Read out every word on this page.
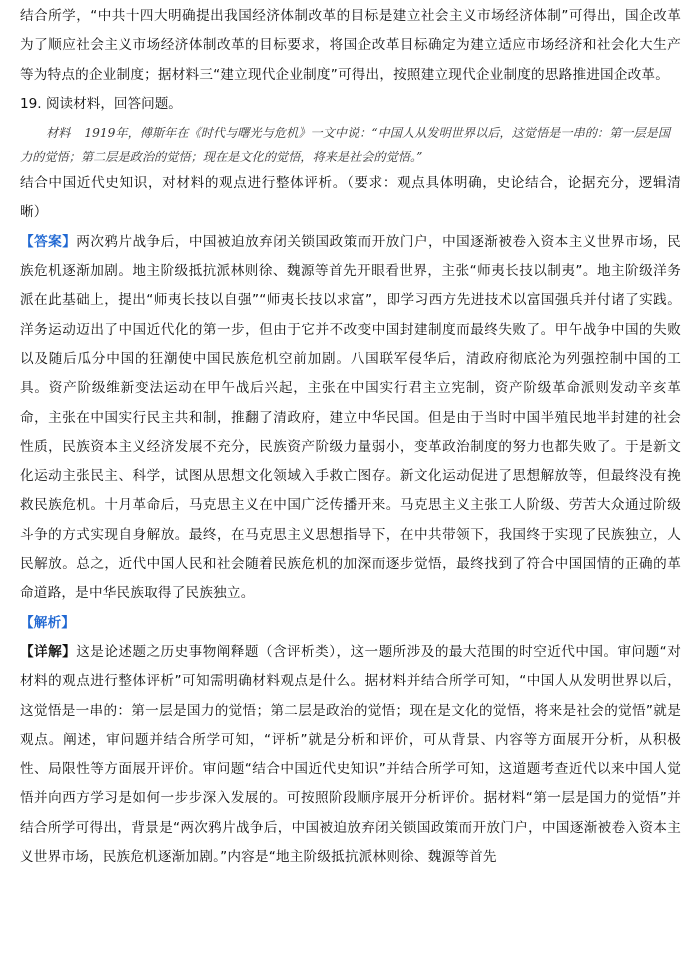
结合所学，“中共十四大明确提出我国经济体制改革的目标是建立社会主义市场经济体制”可得出，国企改革为了顺应社会主义市场经济体制改革的目标要求，将国企改革目标确定为建立适应市场经济和社会化大生产等为特点的企业制度；据材料三“建立现代企业制度”可得出，按照建立现代企业制度的思路推进国企改革。

19. 阅读材料，回答问题。

材料 1919年，傅斯年在《时代与曙光与危机》一文中说：“中国人从发明世界以后，这觉悟是一串的：第一层是国力的觉悟；第二层是政治的觉悟；现在是文化的觉悟，将来是社会的觉悟。”

结合中国近代史知识，对材料的观点进行整体评析。（要求：观点具体明确，史论结合，论据充分，逻辑清晰）

【答案】两次鸦片战争后，中国被迫放弃闭关锁国政策而开放门户，中国逐渐被卷入资本主义世界市场，民族危机逐渐加剧。地主阶级抵抗派林则徐、魏源等首先开眼看世界，主张“师夷长技以制夷”。地主阶级洋务派在此基础上，提出“师夷长技以自强”“师夷长技以求富”，即学习西方先进技术以富国强兵并付诸了实践。洋务运动迈出了中国近代化的第一步，但由于它并不改变中国封建制度而最终失败了。甲午战争中国的失败以及随后瓜分中国的狂潮使中国民族危机空前加剧。八国联军侵华后，清政府彻底沦为列强控制中国的工具。资产阶级维新变法运动在甲午战后兴起，主张在中国实行君主立宪制，资产阶级革命派则发动辛亥革命，主张在中国实行民主共和制，推翻了清政府，建立中华民国。但是由于当时中国半殖民地半封建的社会性质，民族资本主义经济发展不充分，民族资产阶级力量弱小，变革政治制度的努力也都失败了。于是新文化运动主张民主、科学，试图从思想文化领域入手救亡图存。新文化运动促进了思想解放等，但最终没有挽救民族危机。十月革命后，马克思主义在中国广泛传播开来。马克思主义主张工人阶级、劳苦大众通过阶级斗争的方式实现自身解放。最终，在马克思主义思想指导下，在中共带领下，我国终于实现了民族独立，人民解放。总之，近代中国人民和社会随着民族危机的加深而逐步觉悟，最终找到了符合中国国情的正确的革命道路，是中华民族取得了民族独立。

【解析】

【详解】这是论述题之历史事物阐释题（含评析类），这一题所涉及的最大范围的时空近代中国。审问题“对材料的观点进行整体评析”可知需明确材料观点是什么。据材料并结合所学可知，“中国人从发明世界以后，这觉悟是一串的：第一层是国力的觉悟；第二层是政治的觉悟；现在是文化的觉悟，将来是社会的觉悟”就是观点。阐述，审问题并结合所学可知，“评析”就是分析和评价，可从背景、内容等方面展开分析，从积极性、局限性等方面展开评价。审问题“结合中国近代史知识”并结合所学可知，这道题考查近代以来中国人觉悟并向西方学习是如何一步步深入发展的。可按照阶段顺序展开分析评价。据材料“第一层是国力的觉悟”并结合所学可得出，背景是“两次鸦片战争后，中国被迫放弃闭关锁国政策而开放门户，中国逐渐被卷入资本主义世界市场，民族危机逐渐加剧。”内容是“地主阶级抵抗派林则徐、魏源等首先
